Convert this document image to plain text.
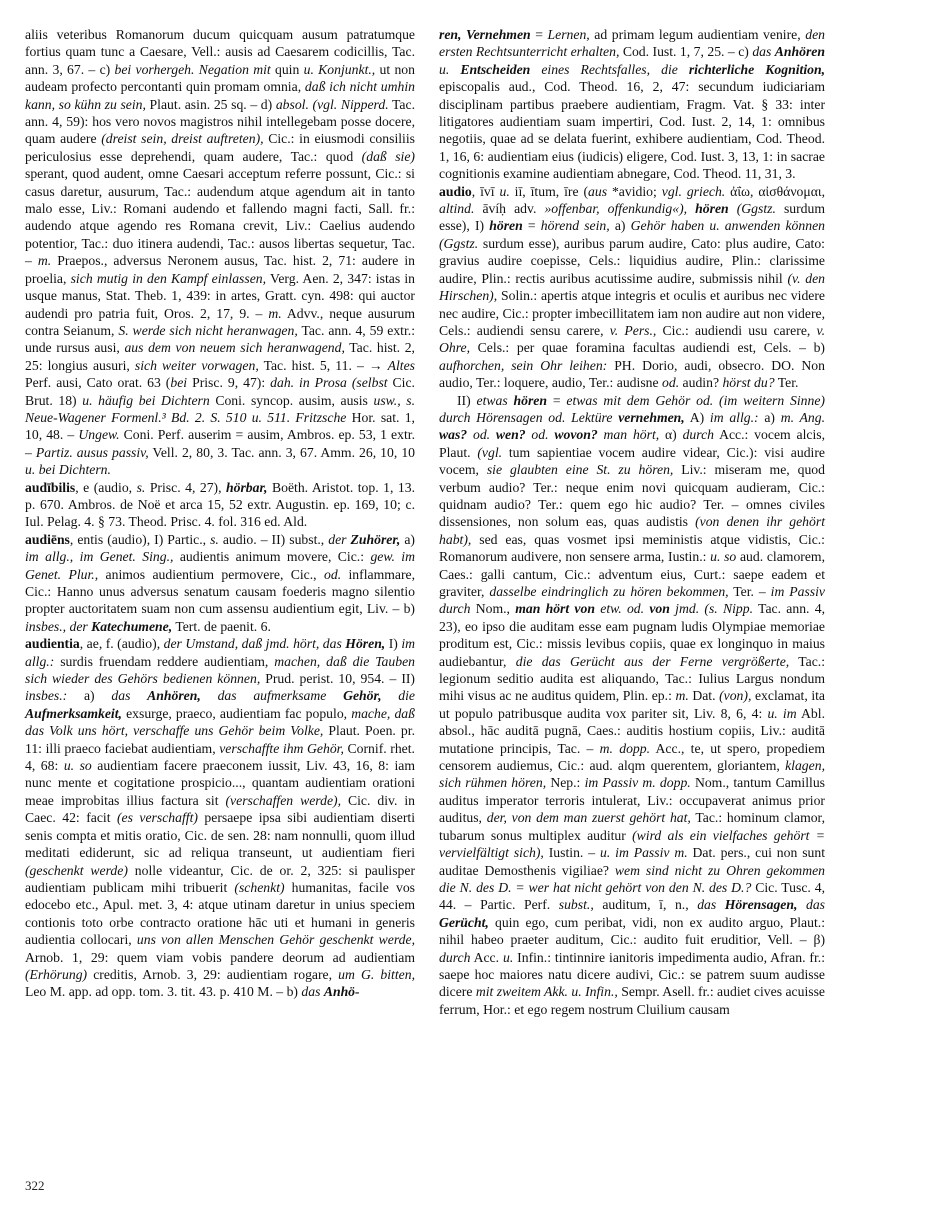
aliis veteribus Romanorum ducum quicquam ausum patratumque fortius quam tunc a Caesare, Vell.: ausis ad Caesarem codicillis, Tac. ann. 3, 67. – c) bei vorhergeh. Negation mit quin u. Konjunkt., ut non audeam profecto percontanti quin promam omnia, daß ich nicht umhin kann, so kühn zu sein, Plaut. asin. 25 sq. – d) absol. (vgl. Nipperd. Tac. ann. 4, 59): hos vero novos magistros nihil intellegebam posse docere, quam audere (dreist sein, dreist auftreten), Cic.: in eiusmodi consiliis periculosius esse deprehendi, quam audere, Tac.: quod (daß sie) sperant, quod audent, omne Caesari acceptum referre possunt, Cic.: si casus daretur, ausurum, Tac.: audendum atque agendum ait in tanto malo esse, Liv.: Romani audendo et fallendo magni facti, Sall. fr.: audendo atque agendo res Romana crevit, Liv.: Caelius audendo potentior, Tac.: duo itinera audendi, Tac.: ausos libertas sequetur, Tac. – m. Praepos., adversus Neronem ausus, Tac. hist. 2, 71: audere in proelia, sich mutig in den Kampf einlassen, Verg. Aen. 2, 347: istas in usque manus, Stat. Theb. 1, 439: in artes, Gratt. cyn. 498: qui auctor audendi pro patria fuit, Oros. 2, 17, 9. – m. Advv., neque ausurum contra Seianum, S. werde sich nicht heranwagen, Tac. ann. 4, 59 extr.: unde rursus ausi, aus dem von neuem sich heranwagend, Tac. hist. 2, 25: longius ausuri, sich weiter vorwagen, Tac. hist. 5, 11. – → Altes Perf. ausi, Cato orat. 63 (bei Prisc. 9, 47): dah. in Prosa (selbst Cic. Brut. 18) u. häufig bei Dichtern Coni. syncop. ausim, ausis usw., s. Neue-Wagener Formenl.³ Bd. 2. S. 510 u. 511. Fritzsche Hor. sat. 1, 10, 48. – Ungew. Coni. Perf. auserim = ausim, Ambros. ep. 53, 1 extr. – Partiz. ausus passiv, Vell. 2, 80, 3. Tac. ann. 3, 67. Amm. 26, 10, 10 u. bei Dichtern.

audībilis, e (audio, s. Prisc. 4, 27), hörbar, Boëth. Aristot. top. 1, 13. p. 670. Ambros. de Noë et arca 15, 52 extr. Augustin. ep. 169, 10; c. Iul. Pelag. 4. § 73. Theod. Prisc. 4. fol. 316 ed. Ald.

audiēns, entis (audio), I) Partic., s. audio. – II) subst., der Zuhörer, a) im allg., im Genet. Sing., audientis animum movere, Cic.: gew. im Genet. Plur., animos audientium permovere, Cic., od. inflammare, Cic.: Hanno unus adversus senatum causam foederis magno silentio propter auctoritatem suam non cum assensu audientium egit, Liv. – b) insbes., der Katechumene, Tert. de paenit. 6.

audientia, ae, f. (audio), der Umstand, daß jmd. hört, das Hören, I) im allg.: surdis fruendam reddere audientiam, machen, daß die Tauben sich wieder des Gehörs bedienen können, Prud. perist. 10, 954. – II) insbes.: a) das Anhören, das aufmerksame Gehör, die Aufmerksamkeit, exsurge, praeco, audientiam fac populo, mache, daß das Volk uns hört, verschaffe uns Gehör beim Volke, Plaut. Poen. pr. 11: illi praeco faciebat audientiam, verschaffte ihm Gehör, Cornif. rhet. 4, 68: u. so audientiam facere praeconem iussit, Liv. 43, 16, 8: iam nunc mente et cogitatione prospicio..., quantam audientiam orationi meae improbitas illius factura sit (verschaffen werde), Cic. div. in Caec. 42: facit (es verschafft) persaepe ipsa sibi audientiam diserti senis compta et mitis oratio, Cic. de sen. 28: nam nonnulli, quom illud meditati ediderunt, sic ad reliqua transeunt, ut audientiam fieri (geschenkt werde) nolle videantur, Cic. de or. 2, 325: si paulisper audientiam publicam mihi tribuerit (schenkt) humanitas, facile vos edocebo etc., Apul. met. 3, 4: atque utinam daretur in unius speciem contionis toto orbe contracto oratione hāc uti et humani in generis audientia collocari, uns von allen Menschen Gehör geschenkt werde, Arnob. 1, 29: quem viam vobis pandere deorum ad audientiam (Erhörung) creditis, Arnob. 3, 29: audientiam rogare, um G. bitten, Leo M. app. ad opp. tom. 3. tit. 43. p. 410 M. – b) das Anhö-

ren, Vernehmen = Lernen, ad primam legum audientiam venire, den ersten Rechtsunterricht erhalten, Cod. Iust. 1, 7, 25. – c) das Anhören u. Entscheiden eines Rechtsfalles, die richterliche Kognition, episcopalis aud., Cod. Theod. 16, 2, 47: secundum iudiciariam disciplinam partibus praebere audientiam, Fragm. Vat. § 33: inter litigatores audientiam suam impertiri, Cod. Iust. 2, 14, 1: omnibus negotiis, quae ad se delata fuerint, exhibere audientiam, Cod. Theod. 1, 16, 6: audientiam eius (iudicis) eligere, Cod. Iust. 3, 13, 1: in sacrae cognitionis examine audientiam abnegare, Cod. Theod. 11, 31, 3.

audio, īvī u. iī, ītum, īre (aus *avidio; vgl. griech. ἀΐω, αἰσθάνομαι, altind. āvíḥ adv. »offenbar, offenkundig«), hören (Ggstz. surdum esse), I) hören = hörend sein, a) Gehör haben u. anwenden können (Ggstz. surdum esse), auribus parum audire, Cato: plus audire, Cato: gravius audire coepisse, Cels.: liquidius audire, Plin.: clarissime audire, Plin.: rectis auribus acutissime audire, submissis nihil (v. den Hirschen), Solin.: apertis atque integris et oculis et auribus nec videre nec audire, Cic.: propter imbecillitatem iam non audire aut non videre, Cels.: audiendi sensu carere, v. Pers., Cic.: audiendi usu carere, v. Ohre, Cels.: per quae foramina facultas audiendi est, Cels. – b) aufhorchen, sein Ohr leihen: PH. Dorio, audi, obsecro. DO. Non audio, Ter.: loquere, audio, Ter.: audisne od. audin? hörst du? Ter.

II) etwas hören = etwas mit dem Gehör od. (im weitern Sinne) durch Hörensagen od. Lektüre vernehmen, A) im allg.: a) m. Ang. was? od. wen? od. wovon? man hört, α) durch Acc.: vocem alcis, Plaut. (vgl. tum sapientiae vocem audire videar, Cic.): visi audire vocem, sie glaubten eine St. zu hören, Liv.: miseram me, quod verbum audio? Ter.: neque enim novi quicquam audieram, Cic.: quidnam audio? Ter.: quem ego hic audio? Ter. – omnes civiles dissensiones, non solum eas, quas audistis (von denen ihr gehört habt), sed eas, quas vosmet ipsi meministis atque vidistis, Cic.: Romanorum audivere, non sensere arma, Iustin.: u. so aud. clamorem, Caes.: galli cantum, Cic.: adventum eius, Curt.: saepe eadem et graviter, dasselbe eindringlich zu hören bekommen, Ter. – im Passiv durch Nom., man hört von etw. od. von jmd. (s. Nipp. Tac. ann. 4, 23), eo ipso die auditam esse eam pugnam ludis Olympiae memoriae proditum est, Cic.: missis levibus copiis, quae ex longinquo in maius audiebantur, die das Gerücht aus der Ferne vergrößerte, Tac.: legionum seditio audita est aliquando, Tac.: Iulius Largus nondum mihi visus ac ne auditus quidem, Plin. ep.: m. Dat. (von), exclamat, ita ut populo patribusque audita vox pariter sit, Liv. 8, 6, 4: u. im Abl. absol., hāc auditā pugnā, Caes.: auditis hostium copiis, Liv.: auditā mutatione principis, Tac. – m. dopp. Acc., te, ut spero, propediem censorem audiemus, Cic.: aud. alqm querentem, gloriantem, klagen, sich rühmen hören, Nep.: im Passiv m. dopp. Nom., tantum Camillus auditus imperator terroris intulerat, Liv.: occupaverat animus prior auditus, der, von dem man zuerst gehört hat, Tac.: hominum clamor, tubarum sonus multiplex auditur (wird als ein vielfaches gehört = vervielfältigt sich), Iustin. – u. im Passiv m. Dat. pers., cui non sunt auditae Demosthenis vigiliae? wem sind nicht zu Ohren gekommen die N. des D. = wer hat nicht gehört von den N. des D.? Cic. Tusc. 4, 44. – Partic. Perf. subst., auditum, ī, n., das Hörensagen, das Gerücht, quin ego, cum peribat, vidi, non ex audito arguo, Plaut.: nihil habeo praeter auditum, Cic.: audito fuit eruditior, Vell. – β) durch Acc. u. Infin.: tintinnire ianitoris impedimenta audio, Afran. fr.: saepe hoc maiores natu dicere audivi, Cic.: se patrem suum audisse dicere mit zweitem Akk. u. Infin., Sempr. Asell. fr.: audiet cives acuisse ferrum, Hor.: et ego regem nostrum Cluilium causam

322
